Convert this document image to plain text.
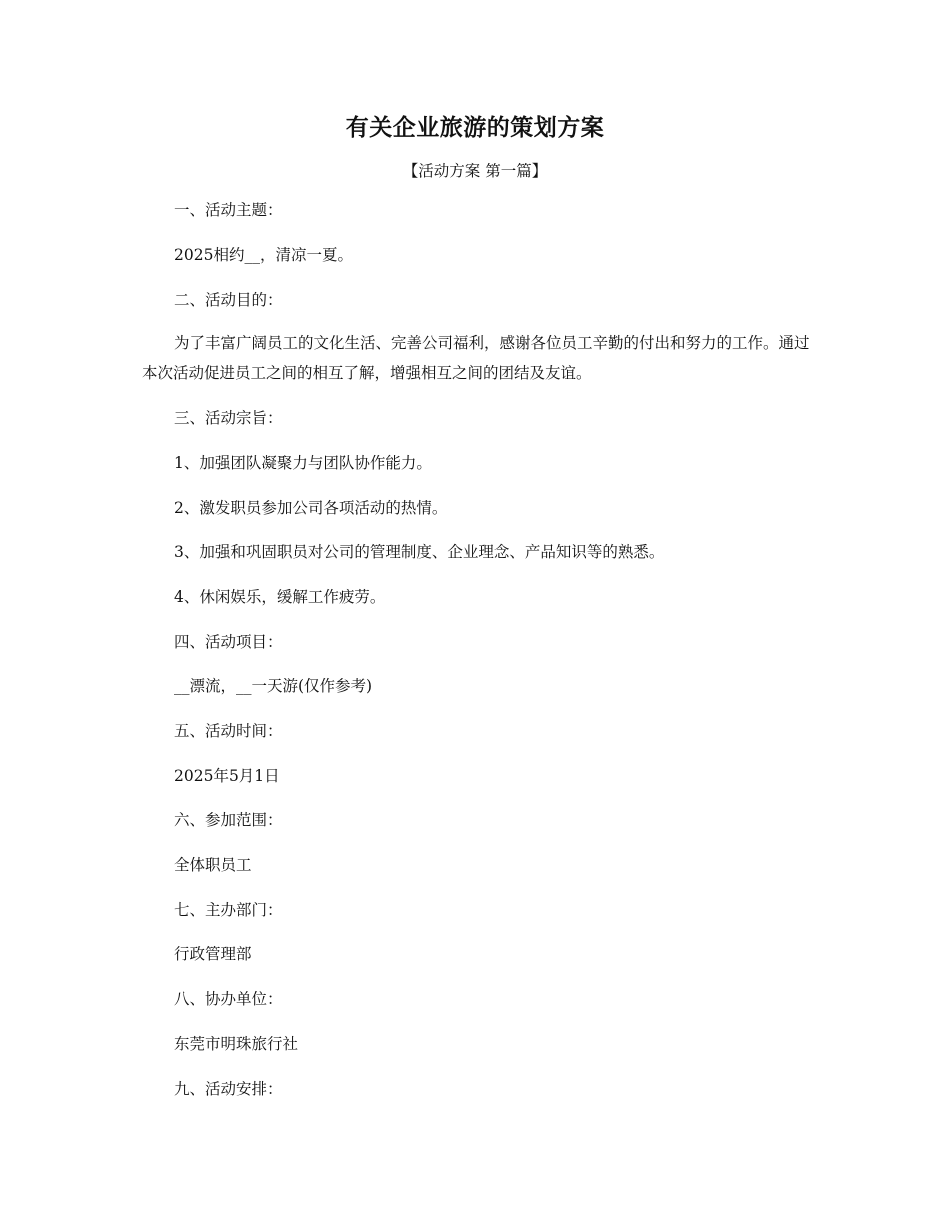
有关企业旅游的策划方案
【活动方案 第一篇】
一、活动主题：
2025相约__，清凉一夏。
二、活动目的：
为了丰富广阔员工的文化生活、完善公司福利，感谢各位员工辛勤的付出和努力的工作。通过本次活动促进员工之间的相互了解，增强相互之间的团结及友谊。
三、活动宗旨：
1、加强团队凝聚力与团队协作能力。
2、激发职员参加公司各项活动的热情。
3、加强和巩固职员对公司的管理制度、企业理念、产品知识等的熟悉。
4、休闲娱乐，缓解工作疲劳。
四、活动项目：
__漂流，__一天游(仅作参考)
五、活动时间：
2025年5月1日
六、参加范围：
全体职员工
七、主办部门：
行政管理部
八、协办单位：
东莞市明珠旅行社
九、活动安排：
